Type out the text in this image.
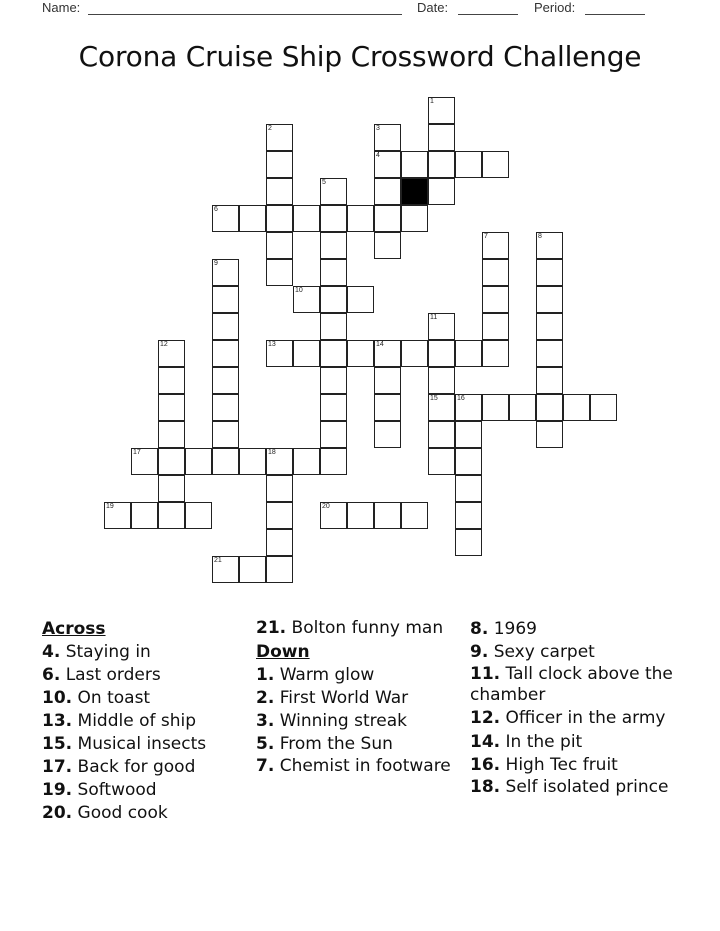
Name:	Date:	Period:
Corona Cruise Ship Crossword Challenge
1
2	3
4
5
6
7	8
9
10
11
15
12	13	14
16
17	18
19	20
21
Across
4. Staying in
6. Last orders
10. On toast
13. Middle of ship
15. Musical insects
17. Back for good
19. Softwood
20. Good cook
21. Bolton funny man
Down
1. Warm glow
2. First World War
3. Winning streak
5. From the Sun
7. Chemist in footware
8. 1969
9. Sexy carpet
11. Tall clock above the chamber
12. Officer in the army
14. In the pit
16. High Tec fruit
18. Self isolated prince
